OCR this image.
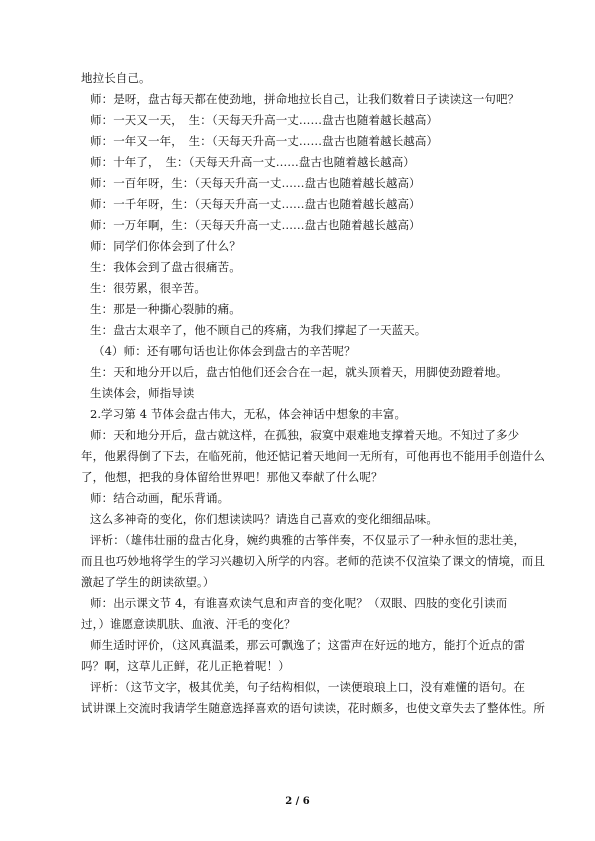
地拉长自己。
师：是呀，盘古每天都在使劲地，拼命地拉长自己，让我们数着日子读读这一句吧？
师：一天又一天，　生：（天每天升高一丈……盘古也随着越长越高）
师：一年又一年，　生：（天每天升高一丈……盘古也随着越长越高）
师：十年了，　生：（天每天升高一丈……盘古也随着越长越高）
师：一百年呀，生：（天每天升高一丈……盘古也随着越长越高）
师：一千年呀，生：（天每天升高一丈……盘古也随着越长越高）
师：一万年啊，生：（天每天升高一丈……盘古也随着越长越高）
师：同学们你体会到了什么？
生：我体会到了盘古很痛苦。
生：很劳累，很辛苦。
生：那是一种撕心裂肺的痛。
生：盘古太艰辛了，他不顾自己的疼痛，为我们撑起了一天蓝天。
（4）师：还有哪句话也让你体会到盘古的辛苦呢？
生：天和地分开以后，盘古怕他们还会合在一起，就头顶着天，用脚使劲蹬着地。
生读体会，师指导读
2.学习第 4 节体会盘古伟大，无私，体会神话中想象的丰富。
师：天和地分开后，盘古就这样，在孤独，寂寞中艰难地支撑着天地。不知过了多少
年，他累得倒了下去，在临死前，他还惦记着天地间一无所有，可他再也不能用手创造什么
了，他想，把我的身体留给世界吧！那他又奉献了什么呢？
师：结合动画，配乐背诵。
这么多神奇的变化，你们想读读吗？请选自己喜欢的变化细细品味。
评析：（雄伟壮丽的盘古化身，婉约典雅的古筝伴奏，不仅显示了一种永恒的悲壮美，
而且也巧妙地将学生的学习兴趣切入所学的内容。老师的范读不仅渲染了课文的情境，而且
激起了学生的朗读欲望。）
师：出示课文节 4，有谁喜欢读气息和声音的变化呢？（双眼、四肢的变化引读而
过，）谁愿意读肌肤、血液、汗毛的变化？
师生适时评价，（这风真温柔，那云可飘逸了；这雷声在好远的地方，能打个近点的雷
吗？啊，这草儿正鲜，花儿正艳着呢！）
评析：（这节文字，极其优美，句子结构相似，一读便琅琅上口，没有难懂的语句。在
试讲课上交流时我请学生随意选择喜欢的语句读读，花时颇多，也使文章失去了整体性。所
2 / 6
